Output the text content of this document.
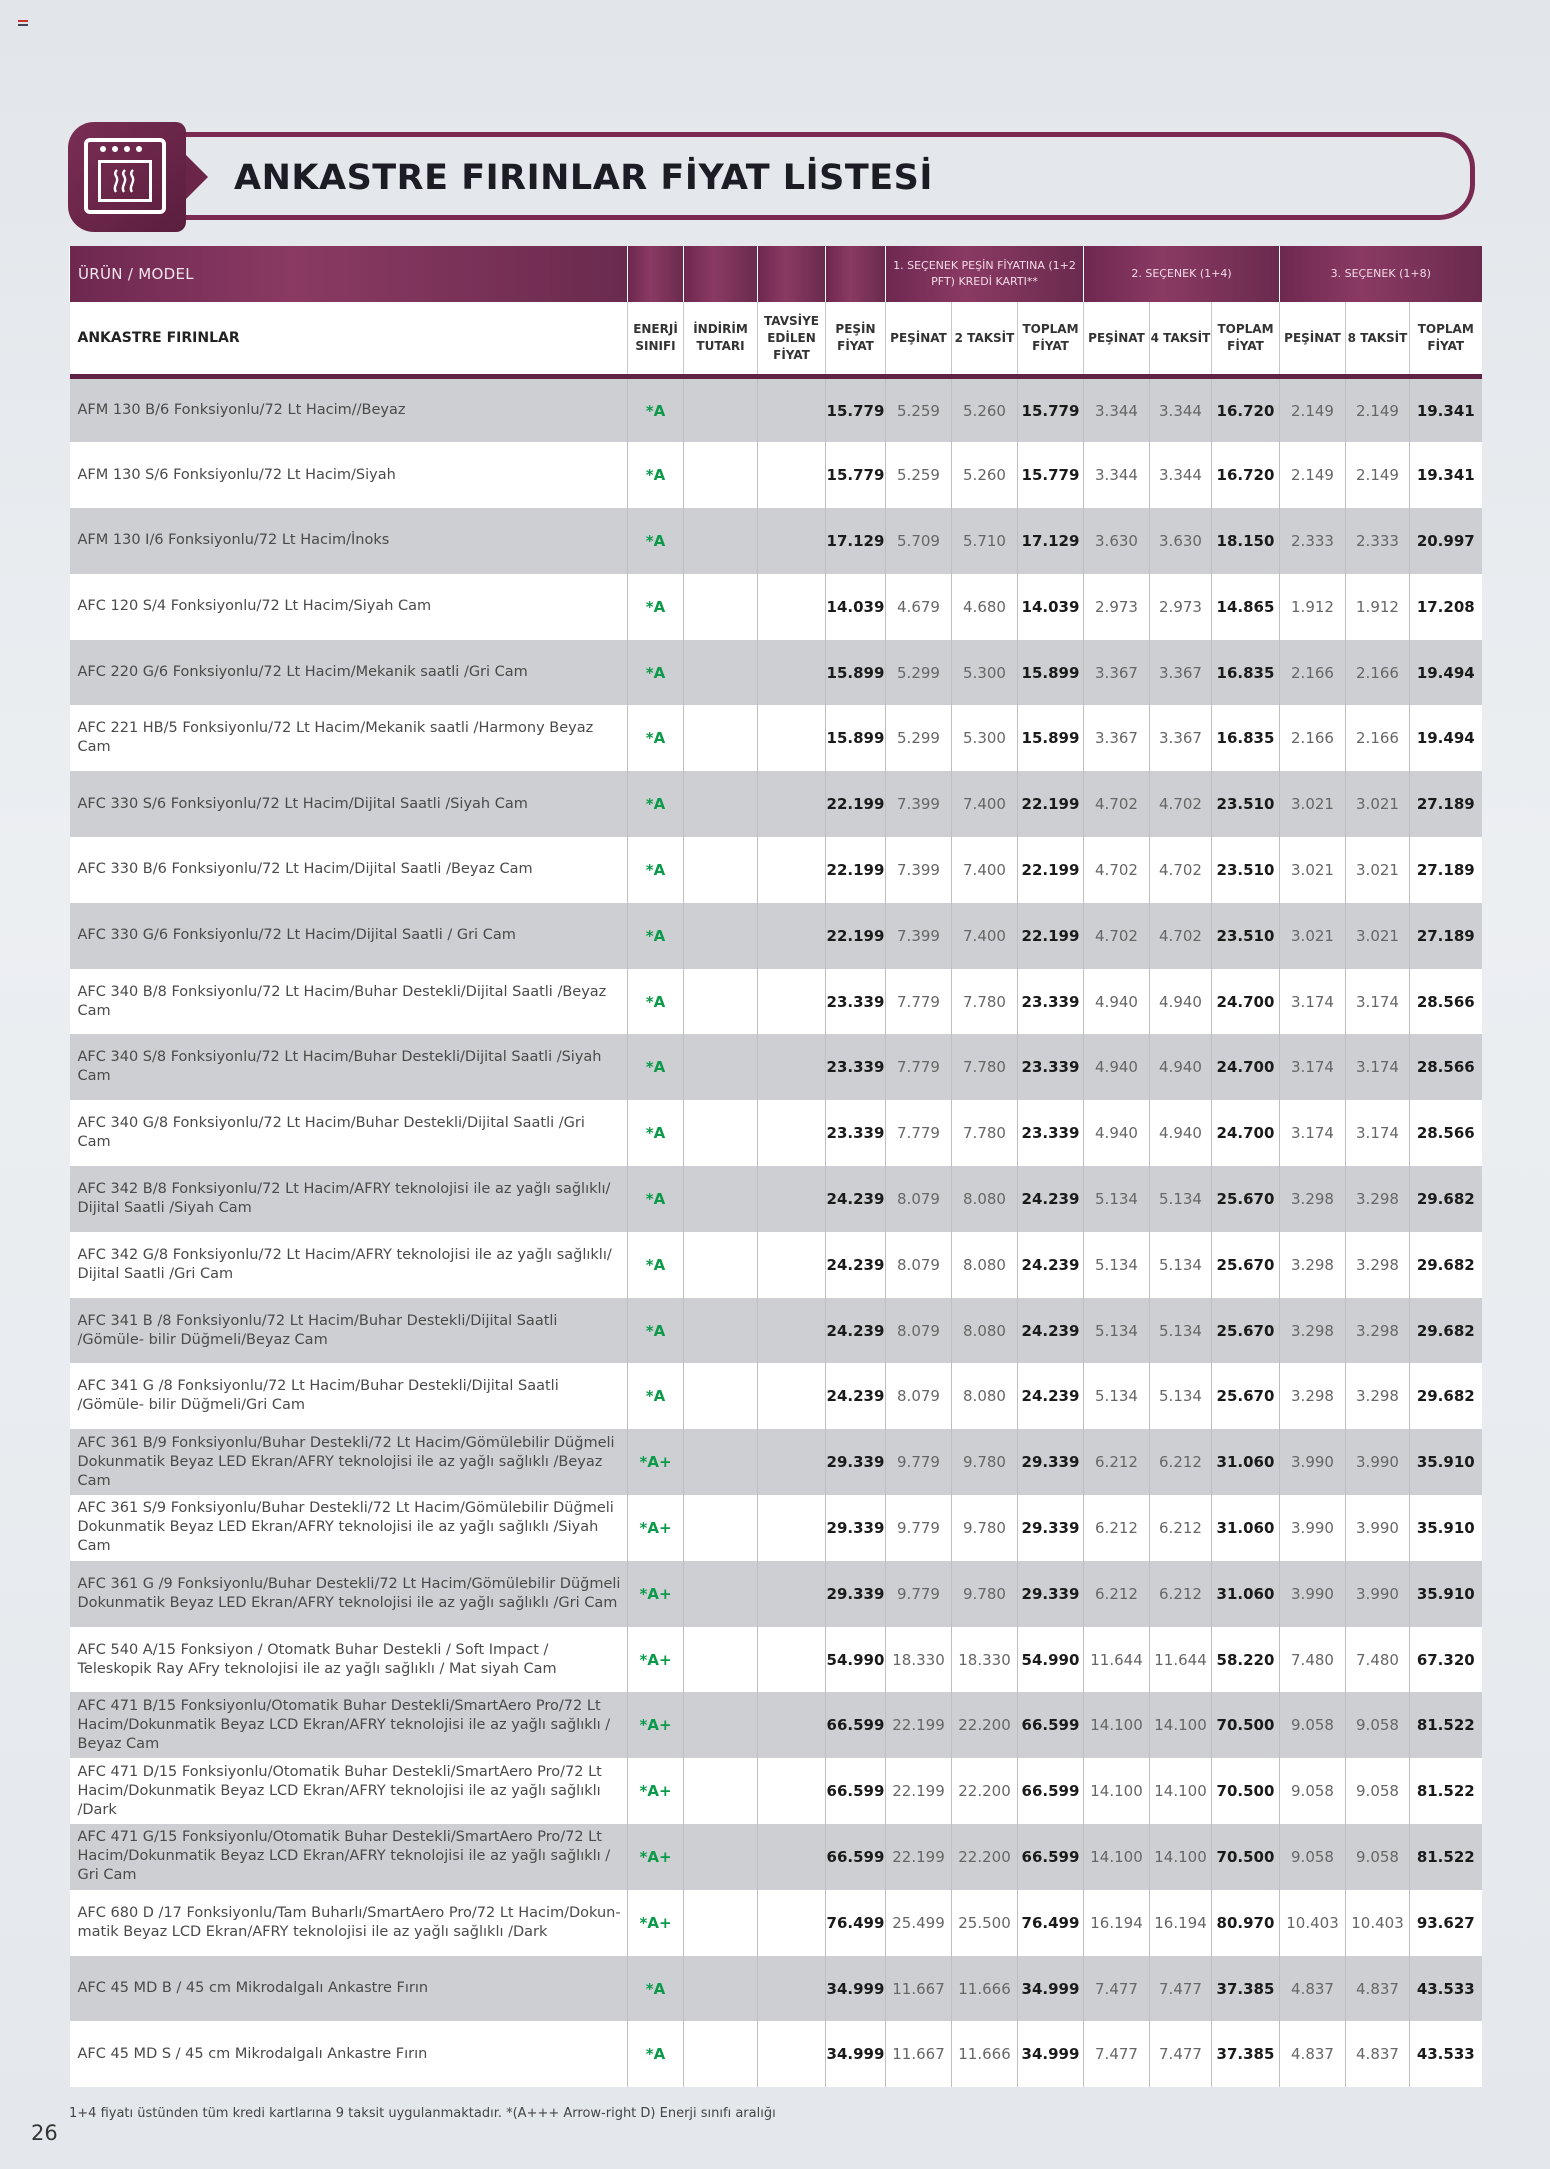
ANKASTRE FIRINLAR FİYAT LİSTESİ
ÜRÜN / MODEL					1. SEÇENEK PEŞİN FİYATINA (1+2 PFT) KREDİ KARTI**			2. SEÇENEK (1+4)			3. SEÇENEK (1+8)		
ANKASTRE FIRINLAR	ENERJİ SINIFI	İNDİRİM TUTARI	TAVSİYE EDİLEN FİYAT	PEŞİN FİYAT	PEŞİNAT	2 TAKSİT	TOPLAM FİYAT	PEŞİNAT	4 TAKSİT	TOPLAM FİYAT	PEŞİNAT	8 TAKSİT	TOPLAM FİYAT
AFM 130 B/6 Fonksiyonlu/72 Lt Hacim//Beyaz	*A			15.779	5.259	5.260	15.779	3.344	3.344	16.720	2.149	2.149	19.341
AFM 130 S/6 Fonksiyonlu/72 Lt Hacim/Siyah	*A			15.779	5.259	5.260	15.779	3.344	3.344	16.720	2.149	2.149	19.341
AFM 130 I/6 Fonksiyonlu/72 Lt Hacim/İnoks	*A			17.129	5.709	5.710	17.129	3.630	3.630	18.150	2.333	2.333	20.997
AFC 120 S/4 Fonksiyonlu/72 Lt Hacim/Siyah Cam	*A			14.039	4.679	4.680	14.039	2.973	2.973	14.865	1.912	1.912	17.208
AFC 220 G/6 Fonksiyonlu/72 Lt Hacim/Mekanik saatli /Gri Cam	*A			15.899	5.299	5.300	15.899	3.367	3.367	16.835	2.166	2.166	19.494
AFC 221 HB/5 Fonksiyonlu/72 Lt Hacim/Mekanik saatli /Harmony Beyaz Cam	*A			15.899	5.299	5.300	15.899	3.367	3.367	16.835	2.166	2.166	19.494
AFC 330 S/6 Fonksiyonlu/72 Lt Hacim/Dijital Saatli /Siyah Cam	*A			22.199	7.399	7.400	22.199	4.702	4.702	23.510	3.021	3.021	27.189
AFC 330 B/6 Fonksiyonlu/72 Lt Hacim/Dijital Saatli /Beyaz Cam	*A			22.199	7.399	7.400	22.199	4.702	4.702	23.510	3.021	3.021	27.189
AFC 330 G/6 Fonksiyonlu/72 Lt Hacim/Dijital Saatli / Gri Cam	*A			22.199	7.399	7.400	22.199	4.702	4.702	23.510	3.021	3.021	27.189
AFC 340 B/8 Fonksiyonlu/72 Lt Hacim/Buhar Destekli/Dijital Saatli /Beyaz Cam	*A			23.339	7.779	7.780	23.339	4.940	4.940	24.700	3.174	3.174	28.566
AFC 340 S/8 Fonksiyonlu/72 Lt Hacim/Buhar Destekli/Dijital Saatli /Siyah Cam	*A			23.339	7.779	7.780	23.339	4.940	4.940	24.700	3.174	3.174	28.566
AFC 340 G/8 Fonksiyonlu/72 Lt Hacim/Buhar Destekli/Dijital Saatli /Gri Cam	*A			23.339	7.779	7.780	23.339	4.940	4.940	24.700	3.174	3.174	28.566
AFC 342 B/8 Fonksiyonlu/72 Lt Hacim/AFRY teknolojisi ile az yağlı sağlıklı/ Dijital Saatli /Siyah Cam	*A			24.239	8.079	8.080	24.239	5.134	5.134	25.670	3.298	3.298	29.682
AFC 342 G/8 Fonksiyonlu/72 Lt Hacim/AFRY teknolojisi ile az yağlı sağlıklı/ Dijital Saatli /Gri Cam	*A			24.239	8.079	8.080	24.239	5.134	5.134	25.670	3.298	3.298	29.682
AFC 341 B /8 Fonksiyonlu/72 Lt Hacim/Buhar Destekli/Dijital Saatli /Gömüle- bilir Düğmeli/Beyaz Cam	*A			24.239	8.079	8.080	24.239	5.134	5.134	25.670	3.298	3.298	29.682
AFC 341 G /8 Fonksiyonlu/72 Lt Hacim/Buhar Destekli/Dijital Saatli /Gömüle- bilir Düğmeli/Gri Cam	*A			24.239	8.079	8.080	24.239	5.134	5.134	25.670	3.298	3.298	29.682
AFC 361 B/9 Fonksiyonlu/Buhar Destekli/72 Lt Hacim/Gömülebilir Düğmeli Dokunmatik Beyaz LED Ekran/AFRY teknolojisi ile az yağlı sağlıklı /Beyaz Cam	*A+			29.339	9.779	9.780	29.339	6.212	6.212	31.060	3.990	3.990	35.910
AFC 361 S/9 Fonksiyonlu/Buhar Destekli/72 Lt Hacim/Gömülebilir Düğmeli Dokunmatik Beyaz LED Ekran/AFRY teknolojisi ile az yağlı sağlıklı /Siyah Cam	*A+			29.339	9.779	9.780	29.339	6.212	6.212	31.060	3.990	3.990	35.910
AFC 361 G /9 Fonksiyonlu/Buhar Destekli/72 Lt Hacim/Gömülebilir Düğmeli Dokunmatik Beyaz LED Ekran/AFRY teknolojisi ile az yağlı sağlıklı /Gri Cam	*A+			29.339	9.779	9.780	29.339	6.212	6.212	31.060	3.990	3.990	35.910
AFC 540 A/15 Fonksiyon / Otomatk Buhar Destekli / Soft Impact / Teleskopik Ray AFry teknolojisi ile az yağlı sağlıklı / Mat siyah Cam	*A+			54.990	18.330	18.330	54.990	11.644	11.644	58.220	7.480	7.480	67.320
AFC 471 B/15 Fonksiyonlu/Otomatik Buhar Destekli/SmartAero Pro/72 Lt Hacim/Dokunmatik Beyaz LCD Ekran/AFRY teknolojisi ile az yağlı sağlıklı / Beyaz Cam	*A+			66.599	22.199	22.200	66.599	14.100	14.100	70.500	9.058	9.058	81.522
AFC 471 D/15 Fonksiyonlu/Otomatik Buhar Destekli/SmartAero Pro/72 Lt Hacim/Dokunmatik Beyaz LCD Ekran/AFRY teknolojisi ile az yağlı sağlıklı /Dark	*A+			66.599	22.199	22.200	66.599	14.100	14.100	70.500	9.058	9.058	81.522
AFC 471 G/15 Fonksiyonlu/Otomatik Buhar Destekli/SmartAero Pro/72 Lt Hacim/Dokunmatik Beyaz LCD Ekran/AFRY teknolojisi ile az yağlı sağlıklı / Gri Cam	*A+			66.599	22.199	22.200	66.599	14.100	14.100	70.500	9.058	9.058	81.522
AFC 680 D /17 Fonksiyonlu/Tam Buharlı/SmartAero Pro/72 Lt Hacim/Dokun- matik Beyaz LCD Ekran/AFRY teknolojisi ile az yağlı sağlıklı /Dark	*A+			76.499	25.499	25.500	76.499	16.194	16.194	80.970	10.403	10.403	93.627
AFC 45 MD B / 45 cm Mikrodalgalı Ankastre Fırın	*A			34.999	11.667	11.666	34.999	7.477	7.477	37.385	4.837	4.837	43.533
AFC 45 MD S / 45 cm Mikrodalgalı Ankastre Fırın	*A			34.999	11.667	11.666	34.999	7.477	7.477	37.385	4.837	4.837	43.533
1+4 fiyatı üstünden tüm kredi kartlarına 9 taksit uygulanmaktadır. *(A+++ Arrow-right D) Enerji sınıfı aralığı
26
